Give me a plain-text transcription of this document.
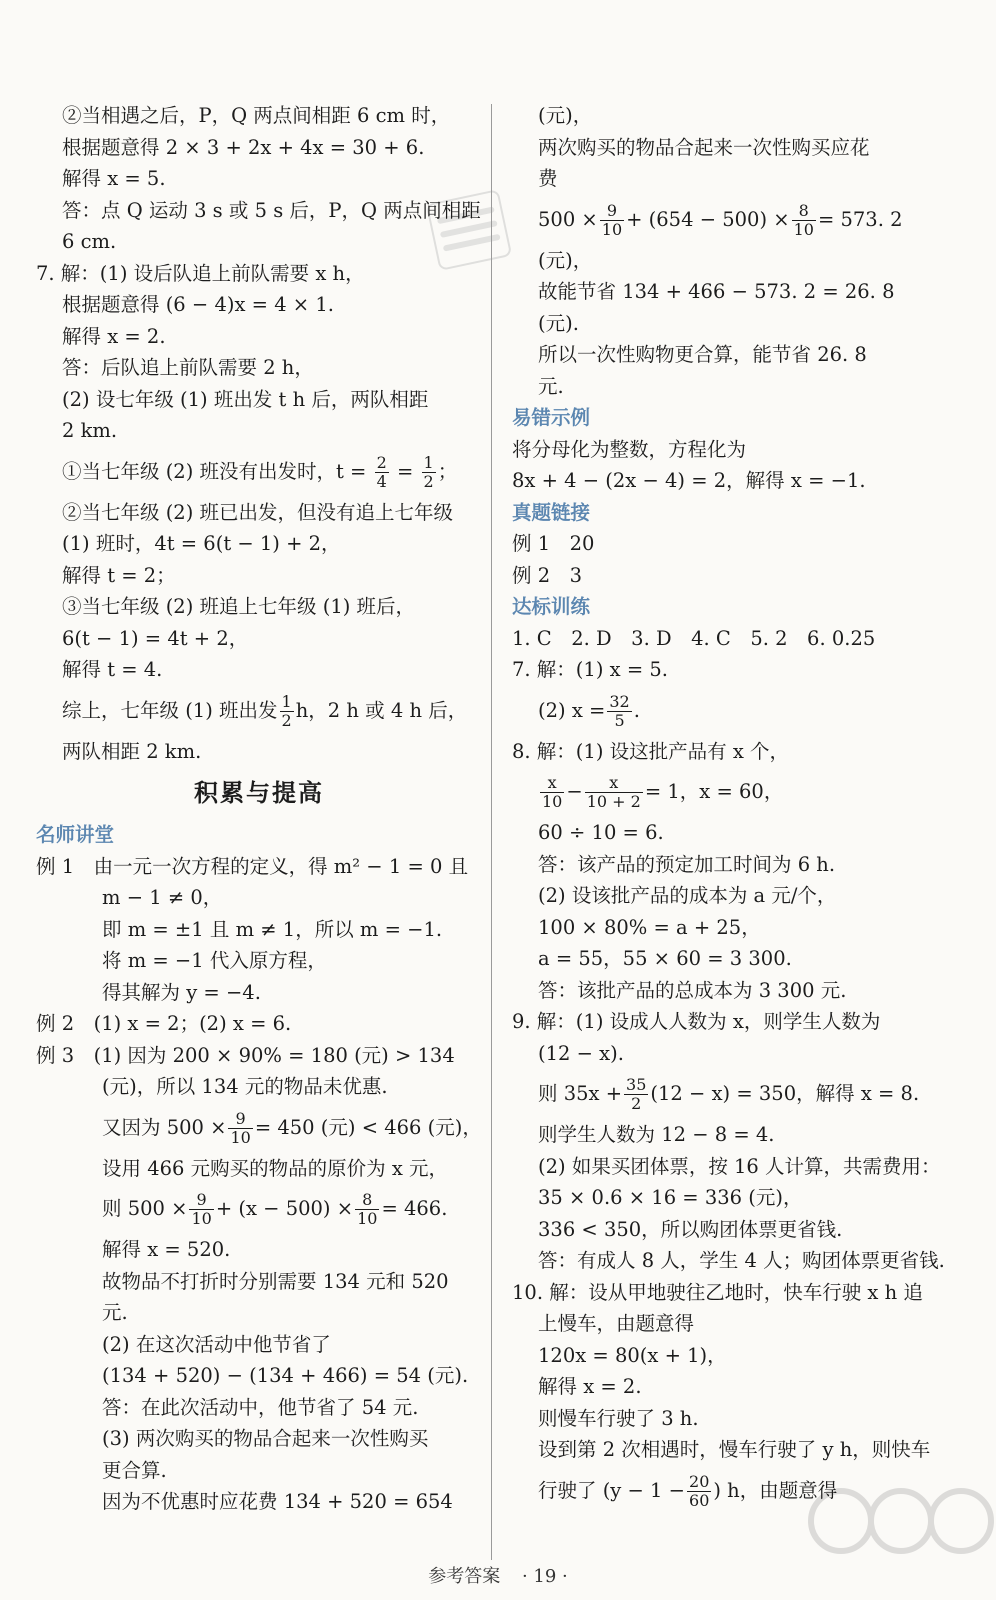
②当相遇之后，P，Q 两点间相距 6 cm 时，
根据题意得 2 × 3 + 2x + 4x = 30 + 6.
解得 x = 5.
答：点 Q 运动 3 s 或 5 s 后，P，Q 两点间相距
6 cm.
7. 解：(1) 设后队追上前队需要 x h，
根据题意得 (6 − 4)x = 4 × 1.
解得 x = 2.
答：后队追上前队需要 2 h，
(2) 设七年级 (1) 班出发 t h 后，两队相距
2 km.
①当七年级 (2) 班没有出发时，$t = \frac{2}{4} = \frac{1}{2}$ ；
②当七年级 (2) 班已出发，但没有追上七年级
(1) 班时，4t = 6(t − 1) + 2，
解得 t = 2；
③当七年级 (2) 班追上七年级 (1) 班后，
6(t − 1) = 4t + 2，
解得 t = 4.
综上，七年级 (1) 班出发 $\frac{1}{2}$ h，2 h 或 4 h 后，
两队相距 2 km.
积累与提高
名师讲堂
例 1　由一元一次方程的定义，得 m² − 1 = 0 且
m − 1 ≠ 0，
即 m = ±1 且 m ≠ 1，所以 m = −1.
将 m = −1 代入原方程，
得其解为 y = −4.
例 2　(1) x = 2；(2) x = 6.
例 3　(1) 因为 200 × 90% = 180 (元) > 134
(元)，所以 134 元的物品未优惠.
又因为 $500 \times \frac{9}{10} = 450$ (元) < 466 (元)，
设用 466 元购买的物品的原价为 x 元，
则 $500 \times \frac{9}{10} + (x - 500) \times \frac{8}{10} = 466$.
解得 x = 520.
故物品不打折时分别需要 134 元和 520
元.
(2) 在这次活动中他节省了
(134 + 520) − (134 + 466) = 54 (元).
答：在此次活动中，他节省了 54 元.
(3) 两次购买的物品合起来一次性购买
更合算.
因为不优惠时应花费 134 + 520 = 654
(元)，
两次购买的物品合起来一次性购买应花
费
$500 \times \frac{9}{10} + (654 - 500) \times \frac{8}{10} = 573$. 2
(元)，
故能节省 134 + 466 − 573. 2 = 26. 8
(元).
所以一次性购物更合算，能节省 26. 8
元.
易错示例
将分母化为整数，方程化为
8x + 4 − (2x − 4) = 2，解得 x = −1.
真题链接
例 1　20
例 2　3
达标训练
1. C　2. D　3. D　4. C　5. 2　6. 0.25
7. 解：(1) x = 5.
(2) $x = \frac{32}{5}$ .
8. 解：(1) 设这批产品有 x 个，
$\frac{x}{10} - \frac{x}{10 + 2} = 1$，x = 60，
60 ÷ 10 = 6.
答：该产品的预定加工时间为 6 h.
(2) 设该批产品的成本为 a 元/个，
100 × 80% = a + 25，
a = 55，55 × 60 = 3 300.
答：该批产品的总成本为 3 300 元.
9. 解：(1) 设成人人数为 x，则学生人数为
(12 − x).
则 $35x + \frac{35}{2} (12 - x) = 350$，解得 x = 8.
则学生人数为 12 − 8 = 4.
(2) 如果买团体票，按 16 人计算，共需费用：
35 × 0.6 × 16 = 336 (元)，
336 < 350，所以购团体票更省钱.
答：有成人 8 人，学生 4 人；购团体票更省钱.
10. 解：设从甲地驶往乙地时，快车行驶 x h 追
上慢车，由题意得
120x = 80(x + 1)，
解得 x = 2.
则慢车行驶了 3 h.
设到第 2 次相遇时，慢车行驶了 y h，则快车
行驶了 ($y - 1 - \frac{20}{60}$ ) h，由题意得
参考答案 · 19 ·
